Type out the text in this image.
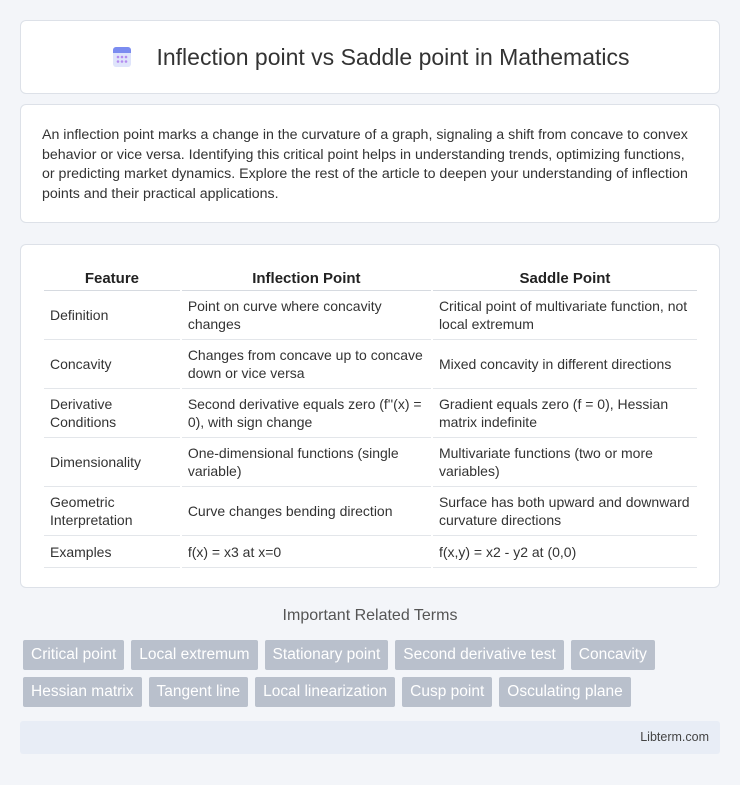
Inflection point vs Saddle point in Mathematics

An inflection point marks a change in the curvature of a graph, signaling a shift from concave to convex behavior or vice versa. Identifying this critical point helps in understanding trends, optimizing functions, or predicting market dynamics. Explore the rest of the article to deepen your understanding of inflection points and their practical applications.

Feature	Inflection Point	Saddle Point
Definition	Point on curve where concavity changes	Critical point of multivariate function, not local extremum
Concavity	Changes from concave up to concave down or vice versa	Mixed concavity in different directions
Derivative Conditions	Second derivative equals zero (f''(x) = 0), with sign change	Gradient equals zero (f = 0), Hessian matrix indefinite
Dimensionality	One-dimensional functions (single variable)	Multivariate functions (two or more variables)
Geometric Interpretation	Curve changes bending direction	Surface has both upward and downward curvature directions
Examples	f(x) = x3 at x=0	f(x,y) = x2 - y2 at (0,0)
Important Related Terms
Critical point	Local extremum	Stationary point	Second derivative test	Concavity
Hessian matrix	Tangent line	Local linearization	Cusp point	Osculating plane
Libterm.com
